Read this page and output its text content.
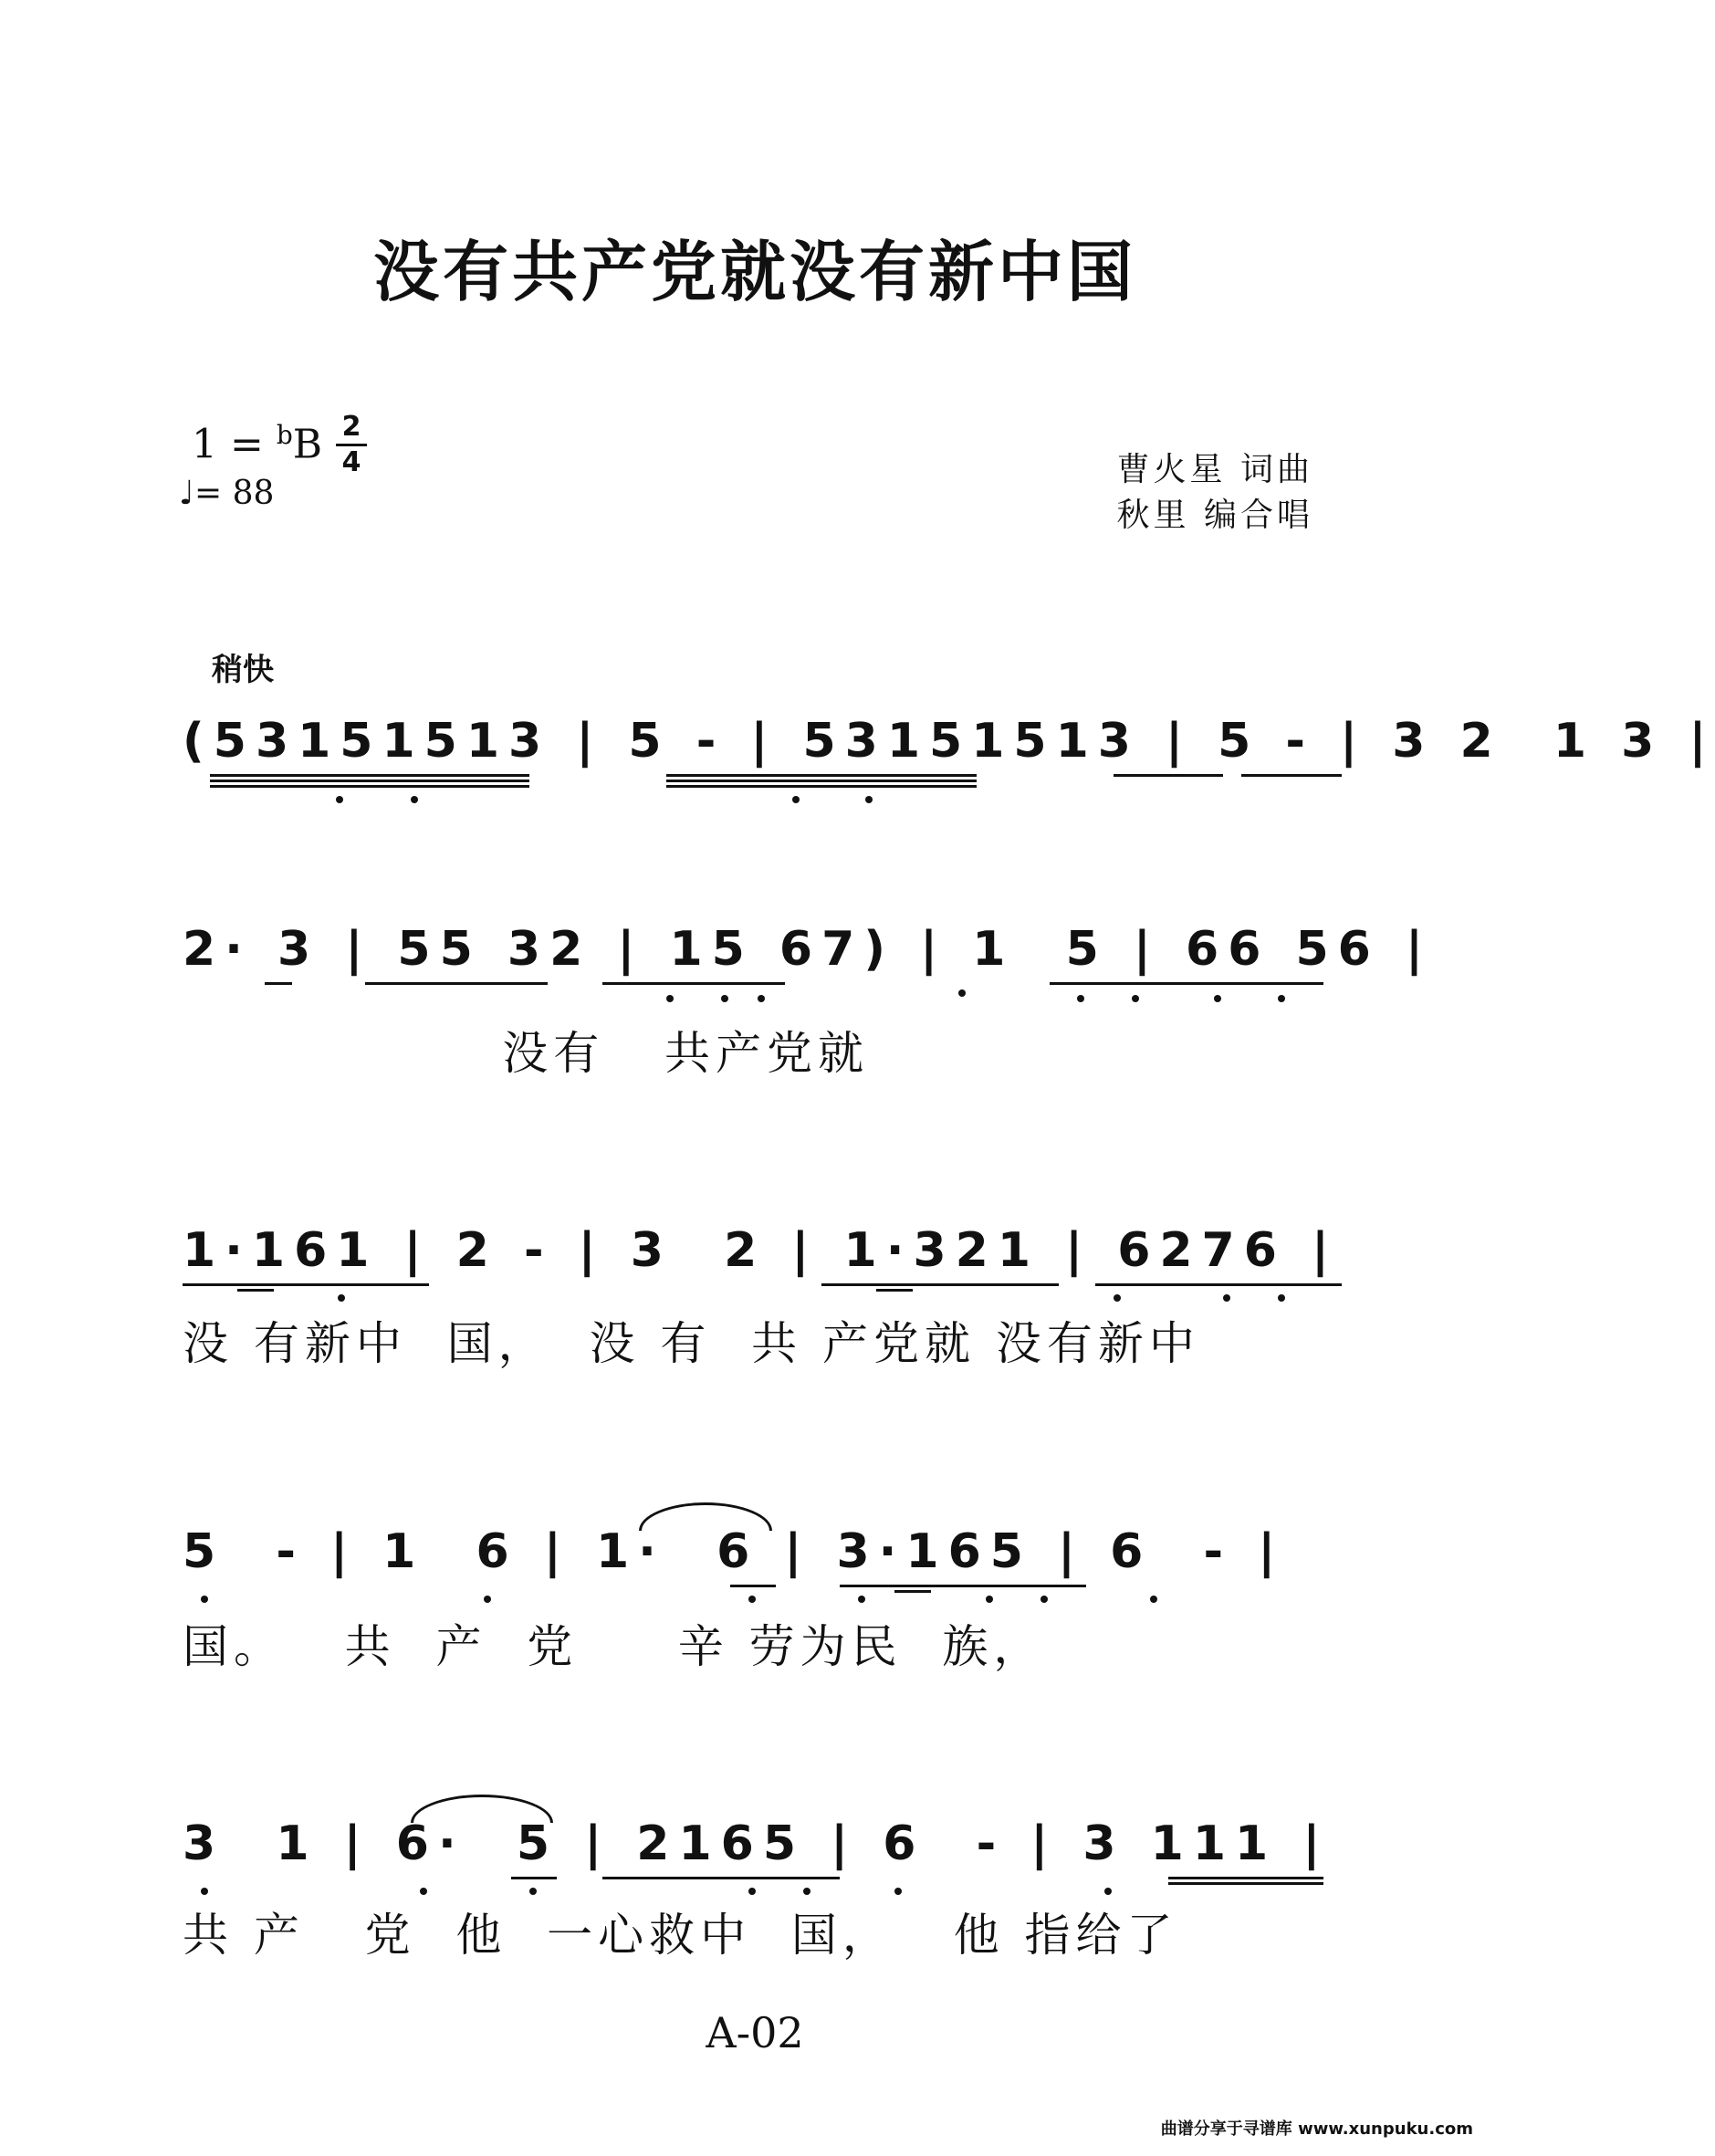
没有共产党就没有新中国
1 = $^b$B 2
4
♩= 88
曹火星 词曲
秋里 编合唱
稍快
(53151513 | 5 - | 53151513 | 5 - | 3 2  1 3 |
2· 3 | 55 32 | 15 67) | 1  5 | 66 56 |
没有   共产党就
1·161 | 2 - | 3  2 | 1·321 | 6276 |
没 有新中  国，  没 有  共 产党就 没有新中
5  - | 1  6 | 1·  6 | 3·165 | 6  - |
国。   共  产  党     辛 劳为民  族，
3  1 | 6·  5 | 2165 | 6  - | 3 111 |
共 产   党  他  一心救中  国，   他 指给了
A-02
曲谱分享于寻谱库 www.xunpuku.com
